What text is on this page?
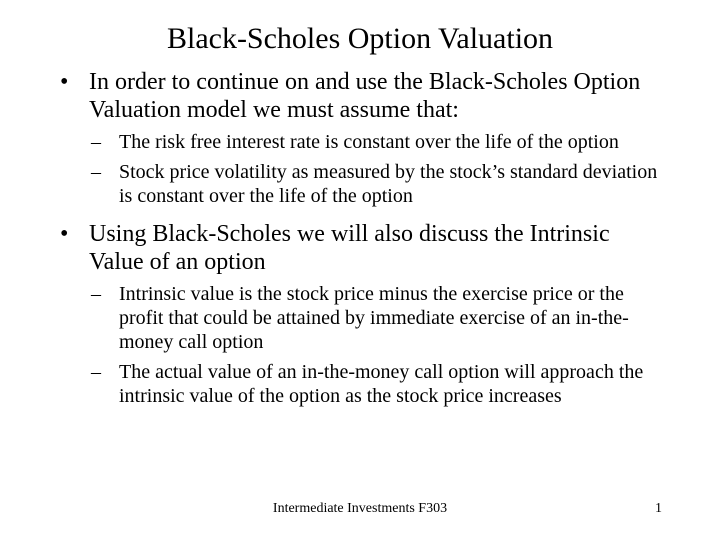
Black-Scholes Option Valuation
• In order to continue on and use the Black-Scholes Option Valuation model we must assume that:
– The risk free interest rate is constant over the life of the option
– Stock price volatility as measured by the stock’s standard deviation is constant over the life of the option
• Using Black-Scholes we will also discuss the Intrinsic Value of an option
– Intrinsic value is the stock price minus the exercise price or the profit that could be attained by immediate exercise of an in-the-money call option
– The actual value of an in-the-money call option will approach the intrinsic value of the option as the stock price increases
Intermediate Investments F303	1
